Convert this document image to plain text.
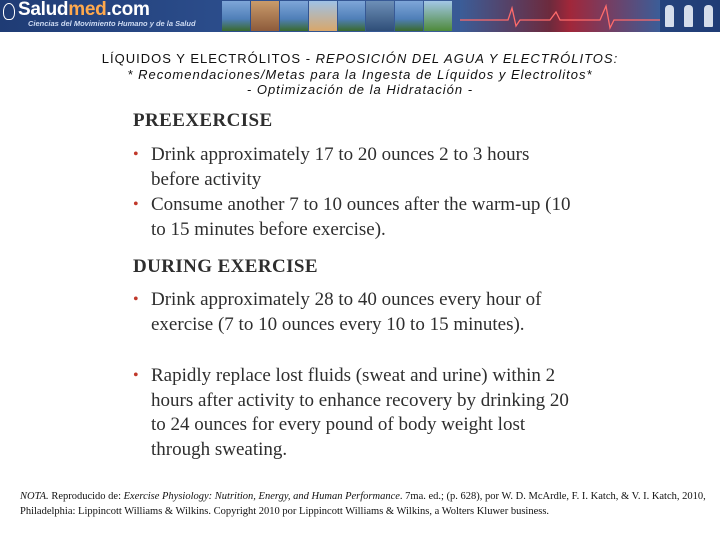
Saludmed.com
Ciencias del Movimiento Humano y de la Salud
LÍQUIDOS Y ELECTRÓLITOS - REPOSICIÓN DEL AGUA Y ELECTRÓLITOS:
* Recomendaciones/Metas para la Ingesta de Líquidos y Electrolitos*
- Optimización de la Hidratación -
PREEXERCISE
• Drink approximately 17 to 20 ounces 2 to 3 hours before activity
• Consume another 7 to 10 ounces after the warm-up (10 to 15 minutes before exercise).
DURING EXERCISE
• Drink approximately 28 to 40 ounces every hour of exercise (7 to 10 ounces every 10 to 15 minutes).
• Rapidly replace lost fluids (sweat and urine) within 2 hours after activity to enhance recovery by drinking 20 to 24 ounces for every pound of body weight lost through sweating.
NOTA. Reproducido de: Exercise Physiology: Nutrition, Energy, and Human Performance. 7ma. ed.; (p. 628), por W. D. McArdle, F. I. Katch, & V. I. Katch, 2010, Philadelphia: Lippincott Williams & Wilkins. Copyright 2010 por Lippincott Williams & Wilkins, a Wolters Kluwer business.
